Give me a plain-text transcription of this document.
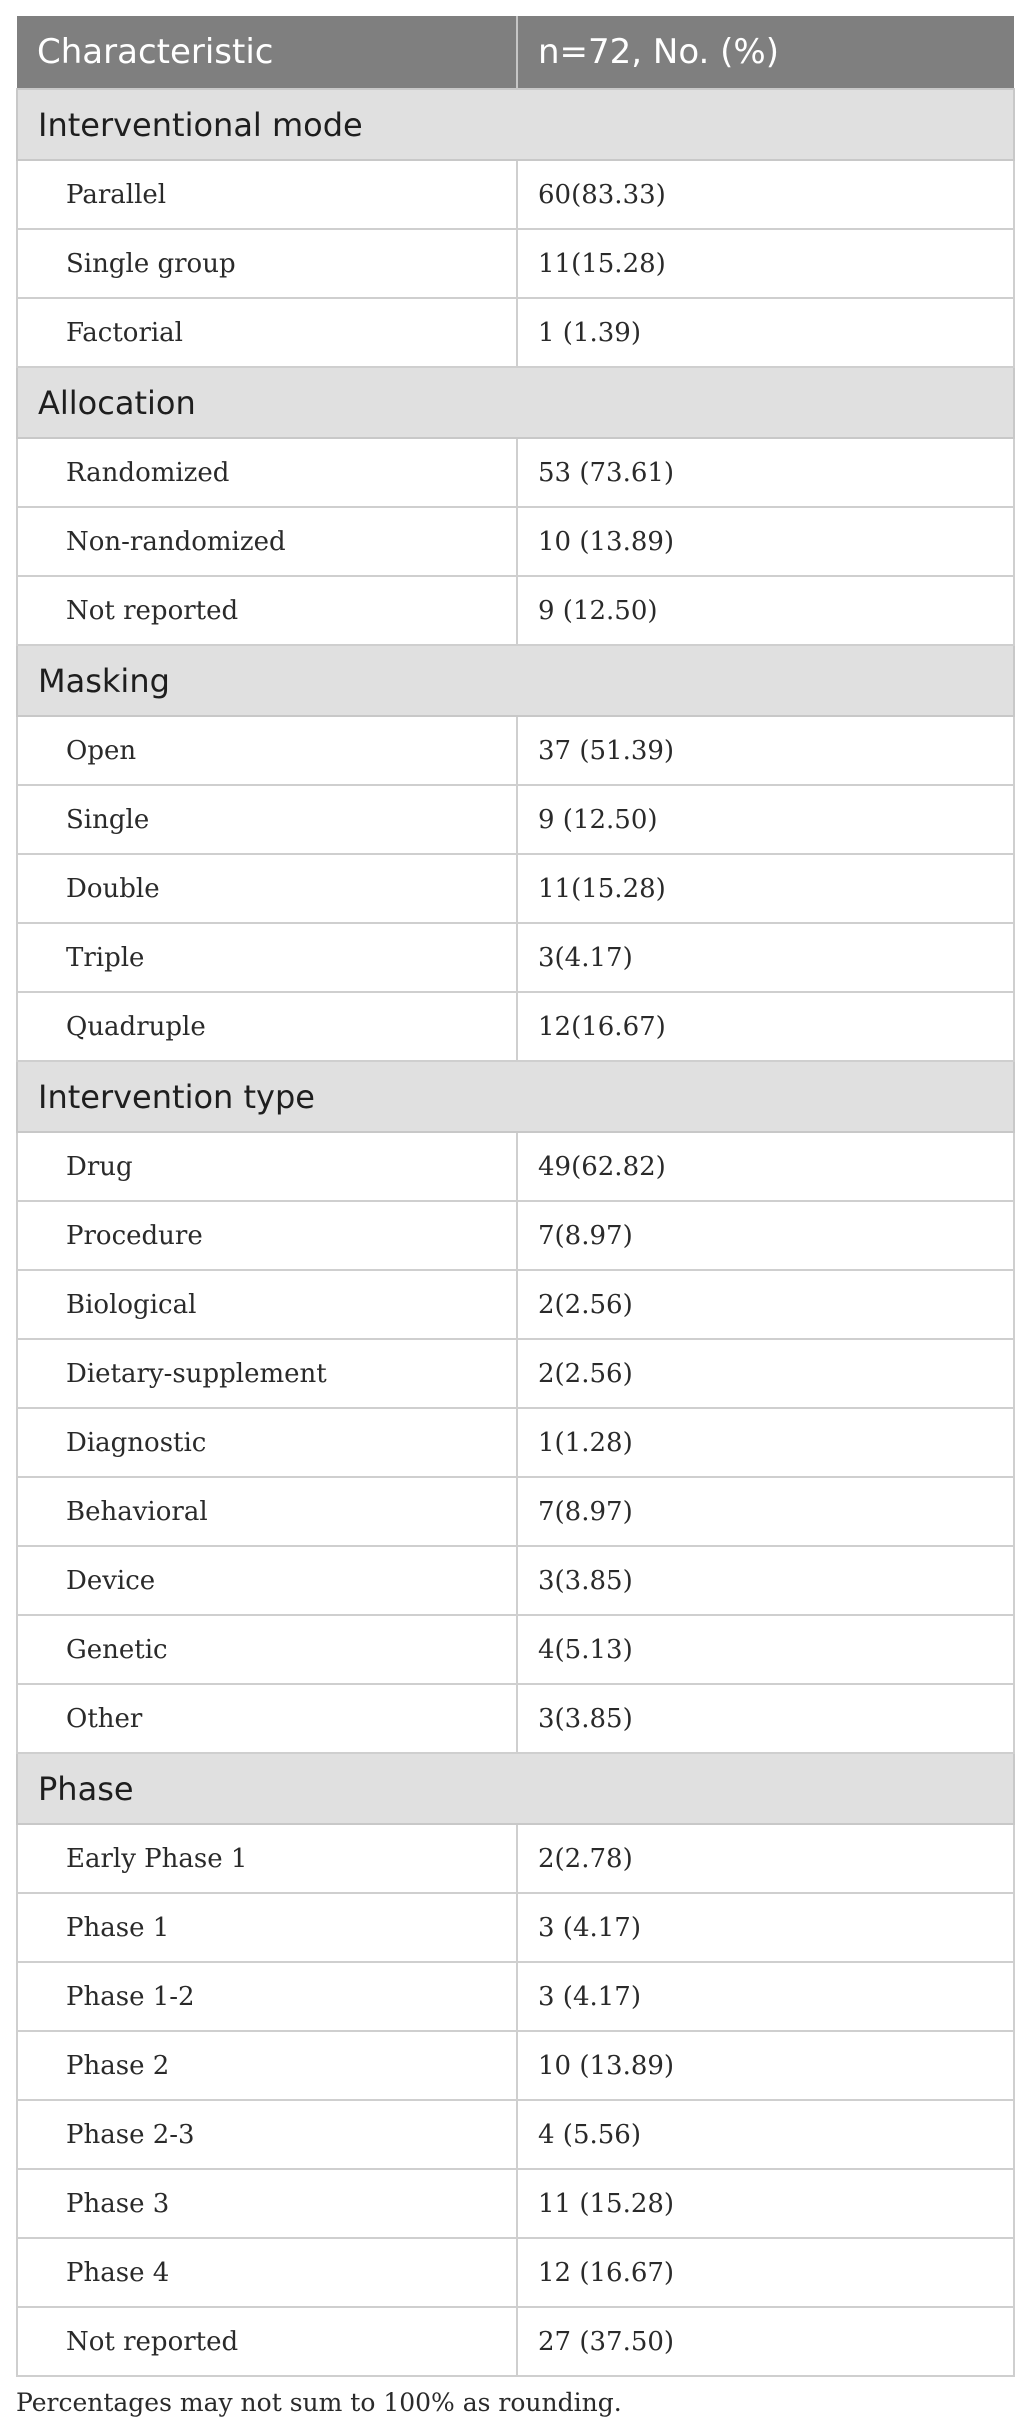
Characteristic	n=72, No. (%)
Interventional mode	
Parallel	60(83.33)
Single group	11(15.28)
Factorial	1 (1.39)
Allocation	
Randomized	53 (73.61)
Non-randomized	10 (13.89)
Not reported	9 (12.50)
Masking	
Open	37 (51.39)
Single	9 (12.50)
Double	11(15.28)
Triple	3(4.17)
Quadruple	12(16.67)
Intervention type	
Drug	49(62.82)
Procedure	7(8.97)
Biological	2(2.56)
Dietary-supplement	2(2.56)
Diagnostic	1(1.28)
Behavioral	7(8.97)
Device	3(3.85)
Genetic	4(5.13)
Other	3(3.85)
Phase	
Early Phase 1	2(2.78)
Phase 1	3 (4.17)
Phase 1-2	3 (4.17)
Phase 2	10 (13.89)
Phase 2-3	4 (5.56)
Phase 3	11 (15.28)
Phase 4	12 (16.67)
Not reported	27 (37.50)
Percentages may not sum to 100% as rounding.
